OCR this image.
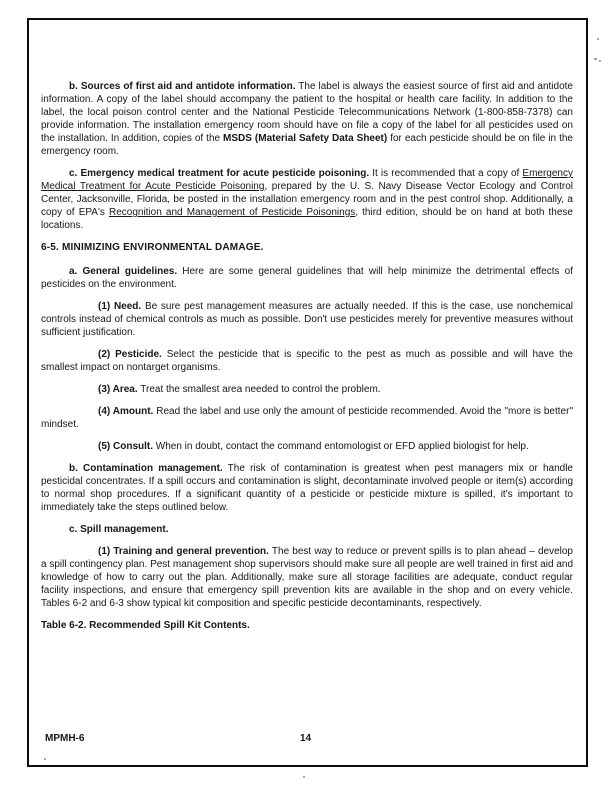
b. Sources of first aid and antidote information. The label is always the easiest source of first aid and antidote information. A copy of the label should accompany the patient to the hospital or health care facility. In addition to the label, the local poison control center and the National Pesticide Telecommunications Network (1-800-858-7378) can provide information. The installation emergency room should have on file a copy of the label for all pesticides used on the installation. In addition, copies of the MSDS (Material Safety Data Sheet) for each pesticide should be on file in the emergency room.

c. Emergency medical treatment for acute pesticide poisoning. It is recommended that a copy of Emergency Medical Treatment for Acute Pesticide Poisoning, prepared by the U. S. Navy Disease Vector Ecology and Control Center, Jacksonville, Florida, be posted in the installation emergency room and in the pest control shop. Additionally, a copy of EPA's Recognition and Management of Pesticide Poisonings, third edition, should be on hand at both these locations.

6-5. MINIMIZING ENVIRONMENTAL DAMAGE.

a. General guidelines. Here are some general guidelines that will help minimize the detrimental effects of pesticides on the environment.

(1) Need. Be sure pest management measures are actually needed. If this is the case, use nonchemical controls instead of chemical controls as much as possible. Don't use pesticides merely for preventive measures without sufficient justification.

(2) Pesticide. Select the pesticide that is specific to the pest as much as possible and will have the smallest impact on nontarget organisms.

(3) Area. Treat the smallest area needed to control the problem.

(4) Amount. Read the label and use only the amount of pesticide recommended. Avoid the "more is better" mindset.

(5) Consult. When in doubt, contact the command entomologist or EFD applied biologist for help.

b. Contamination management. The risk of contamination is greatest when pest managers mix or handle pesticidal concentrates. If a spill occurs and contamination is slight, decontaminate involved people or item(s) according to normal shop procedures. If a significant quantity of a pesticide or pesticide mixture is spilled, it's important to immediately take the steps outlined below.

c. Spill management.

(1) Training and general prevention. The best way to reduce or prevent spills is to plan ahead – develop a spill contingency plan. Pest management shop supervisors should make sure all people are well trained in first aid and knowledge of how to carry out the plan. Additionally, make sure all storage facilities are adequate, conduct regular facility inspections, and ensure that emergency spill prevention kits are available in the shop and on every vehicle. Tables 6-2 and 6-3 show typical kit composition and specific pesticide decontaminants, respectively.

Table 6-2. Recommended Spill Kit Contents.

MPMH-6	14
